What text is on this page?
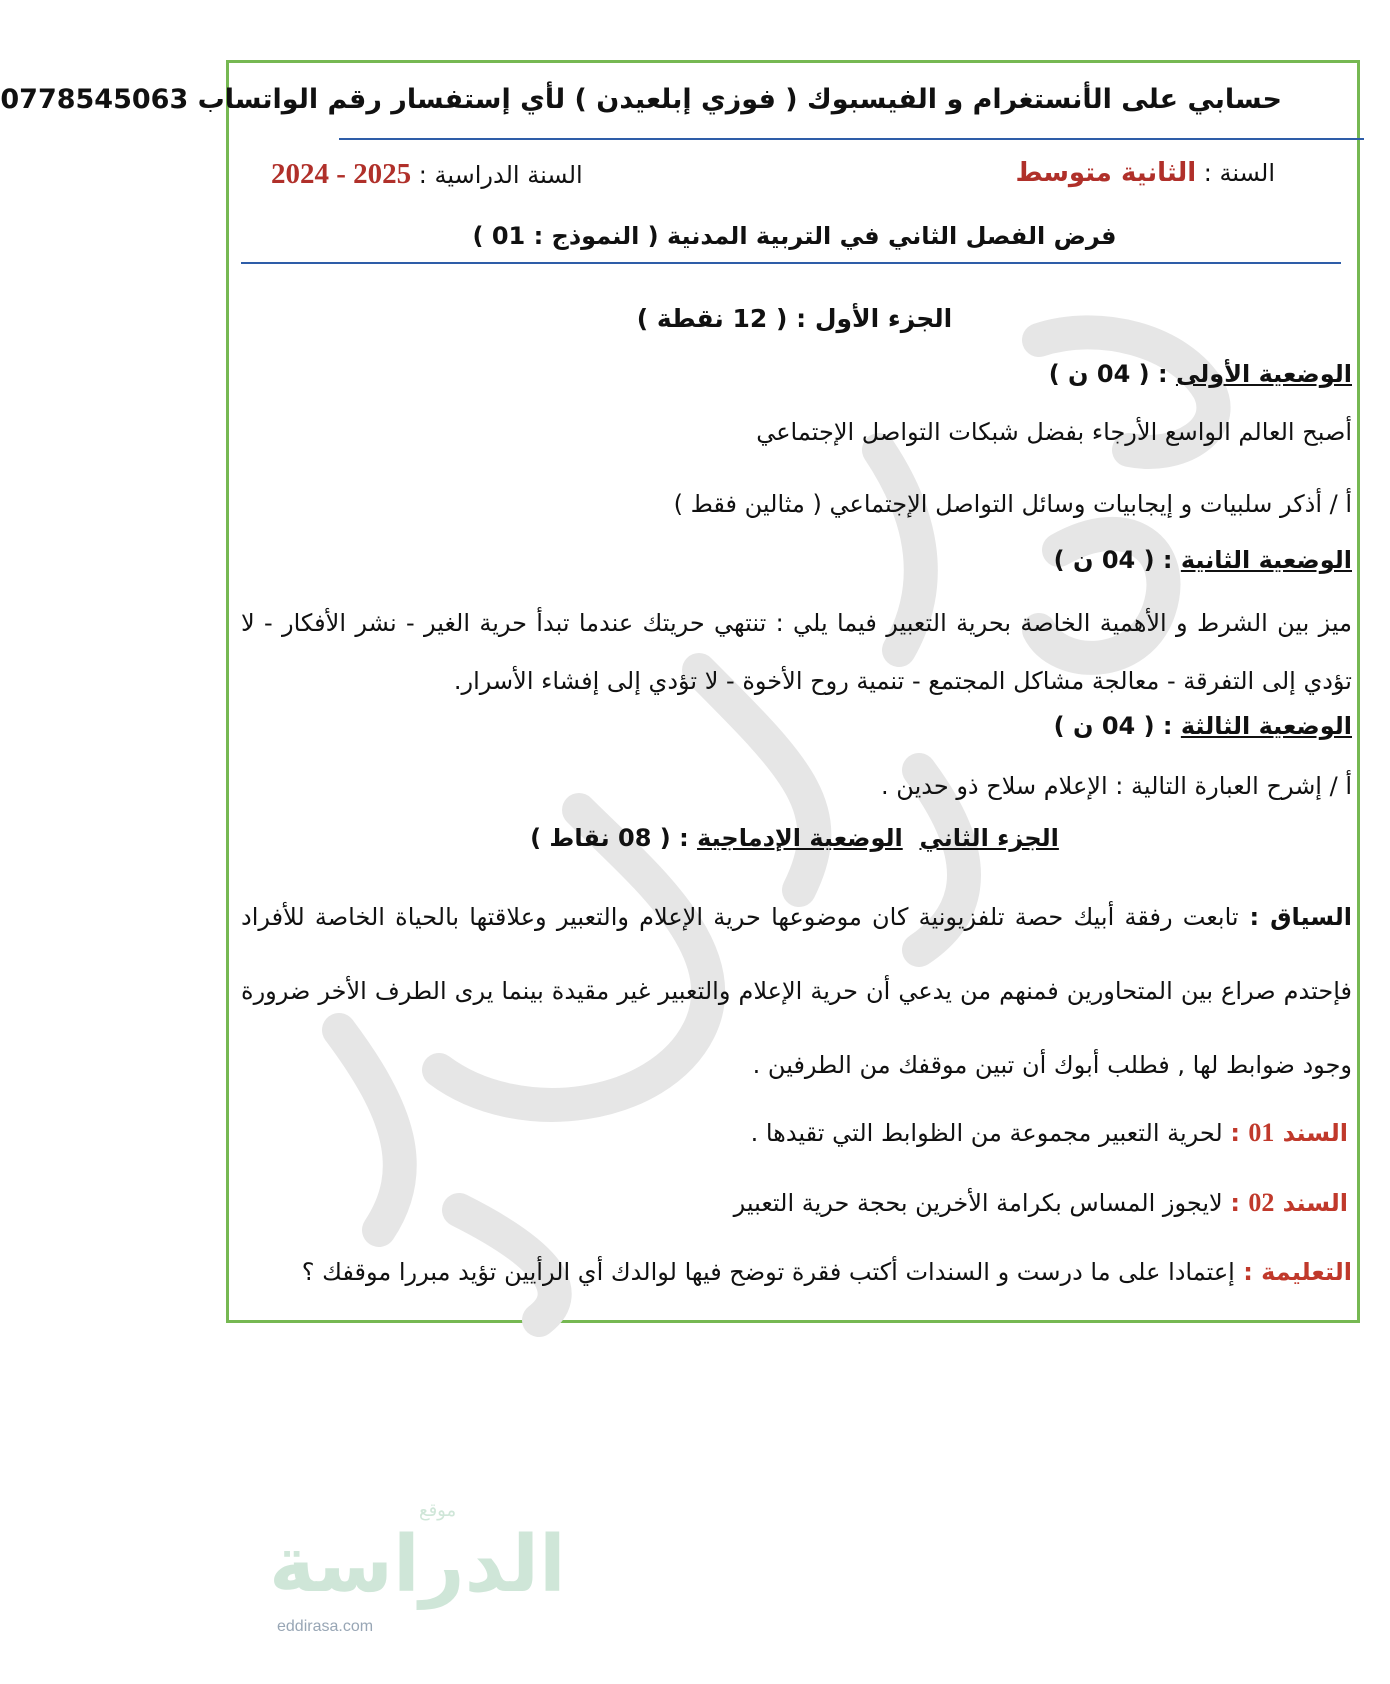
فوزي إبلعيدن
حسابي على الأنستغرام و الفيسبوك ( فوزي إبلعيدن ) لأي إستفسار رقم الواتساب 0778545063
السنة : الثانية متوسط
السنة الدراسية : 2024 - 2025
فرض الفصل الثاني في التربية المدنية ( النموذج : 01 )
الجزء الأول : ( 12 نقطة )
الوضعية الأولى : ( 04 ن )
أصبح العالم الواسع الأرجاء بفضل شبكات التواصل الإجتماعي
أ / أذكر سلبيات و إيجابيات وسائل التواصل الإجتماعي ( مثالين فقط )
الوضعية الثانية : ( 04 ن )
ميز بين الشرط و الأهمية الخاصة بحرية التعبير فيما يلي : تنتهي حريتك عندما تبدأ حرية الغير - نشر الأفكار - لا تؤدي إلى التفرقة - معالجة مشاكل المجتمع - تنمية روح الأخوة - لا تؤدي إلى إفشاء الأسرار.
الوضعية الثالثة : ( 04 ن )
أ / إشرح العبارة التالية : الإعلام سلاح ذو حدين .
الجزء الثاني  الوضعية الإدماجية : ( 08 نقاط )
السياق : تابعت رفقة أبيك حصة تلفزيونية كان موضوعها حرية الإعلام والتعبير وعلاقتها بالحياة الخاصة للأفراد فإحتدم صراع بين المتحاورين فمنهم من يدعي أن حرية الإعلام والتعبير غير مقيدة بينما يرى الطرف الأخر ضرورة وجود ضوابط لها , فطلب أبوك أن تبين موقفك من الطرفين .
السند 01 : لحرية التعبير مجموعة من الظوابط التي تقيدها .
السند 02 : لايجوز المساس بكرامة الأخرين بحجة حرية التعبير
التعليمة : إعتمادا على ما درست و السندات أكتب فقرة توضح فيها لوالدك أي الرأيين تؤيد مبررا موقفك ؟
موقع
الدراسة
eddirasa.com
